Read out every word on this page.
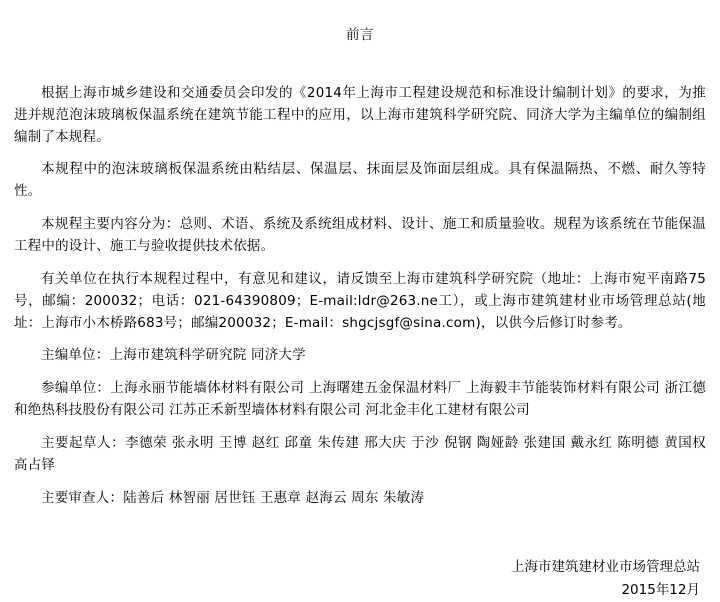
前言

根据上海市城乡建设和交通委员会印发的《2014年上海市工程建设规范和标准设计编制计划》的要求，为推进并规范泡沫玻璃板保温系统在建筑节能工程中的应用，以上海市建筑科学研究院、同济大学为主编单位的编制组编制了本规程。

本规程中的泡沫玻璃板保温系统由粘结层、保温层、抹面层及饰面层组成。具有保温隔热、不燃、耐久等特性。

本规程主要内容分为：总则、术语、系统及系统组成材料、设计、施工和质量验收。规程为该系统在节能保温工程中的设计、施工与验收提供技术依据。

有关单位在执行本规程过程中，有意见和建议，请反馈至上海市建筑科学研究院（地址：上海市宛平南路75号，邮编：200032；电话：021-64390809；E-mail:ldr@263.ne工），或上海市建筑建材业市场管理总站(地址：上海市小木桥路683号；邮编200032；E-mail：shgcjsgf@sina.com)，以供今后修订时参考。

主编单位：上海市建筑科学研究院 同济大学

参编单位：上海永丽节能墙体材料有限公司 上海曙建五金保温材料厂 上海毅丰节能装饰材料有限公司 浙江德和绝热科技股份有限公司 江苏正禾新型墙体材料有限公司 河北金丰化工建材有限公司

主要起草人：李德荣 张永明 王博 赵红 邱童 朱传建 邢大庆 于沙 倪钢 陶娅龄 张建国 戴永红 陈明德 黄国权 高占铎

主要审查人：陆善后 林智丽 居世钰 王惠章 赵海云 周东 朱敏涛

上海市建筑建材业市场管理总站
2015年12月
